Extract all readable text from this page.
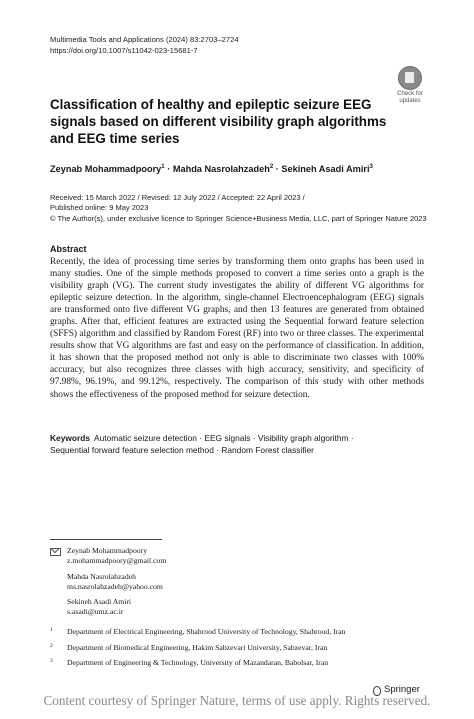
Multimedia Tools and Applications (2024) 83:2703–2724
https://doi.org/10.1007/s11042-023-15681-7
Check for
updates
Classification of healthy and epileptic seizure EEG signals based on different visibility graph algorithms and EEG time series
Zeynab Mohammadpoory$^1$ · Mahda Nasrolahzadeh$^2$ · Sekineh Asadi Amiri$^3$
Received: 15 March 2022 / Revised: 12 July 2022 / Accepted: 22 April 2023 /
Published online: 9 May 2023
© The Author(s), under exclusive licence to Springer Science+Business Media, LLC, part of Springer Nature 2023
Abstract

Recently, the idea of processing time series by transforming them onto graphs has been used in many studies. One of the simple methods proposed to convert a time series onto a graph is the visibility graph (VG). The current study investigates the ability of different VG algorithms for epileptic seizure detection. In the algorithm, single-channel Electroencephalogram (EEG) signals are transformed onto five different VG graphs, and then 13 features are generated from obtained graphs. After that, efficient features are extracted using the Sequential forward feature selection (SFFS) algorithm and classified by Random Forest (RF) into two or three classes. The experimental results show that VG algorithms are fast and easy on the performance of classification. In addition, it has shown that the proposed method not only is able to discriminate two classes with 100% accuracy, but also recognizes three classes with high accuracy, sensitivity, and specificity of 97.98%, 96.19%, and 99.12%, respectively. The comparison of this study with other methods shows the effectiveness of the proposed method for seizure detection.

Keywords Automatic seizure detection · EEG signals · Visibility graph algorithm ·
Sequential forward feature selection method · Random Forest classifier
Zeynab Mohammadpoory
z.mohammadpoory@gmail.com
Mahda Nasrolahzadeh
ms.nasrolahzadeh@yahoo.com
Sekineh Asadi Amiri
s.asadi@umz.ac.ir
1 Department of Electrical Engineering, Shahrood University of Technology, Shahrood, Iran
2 Department of Biomedical Engineering, Hakim Sabzevari University, Sabzevar, Iran
3 Department of Engineering & Technology, University of Mazandaran, Babolsar, Iran
Springer
Content courtesy of Springer Nature, terms of use apply. Rights reserved.
